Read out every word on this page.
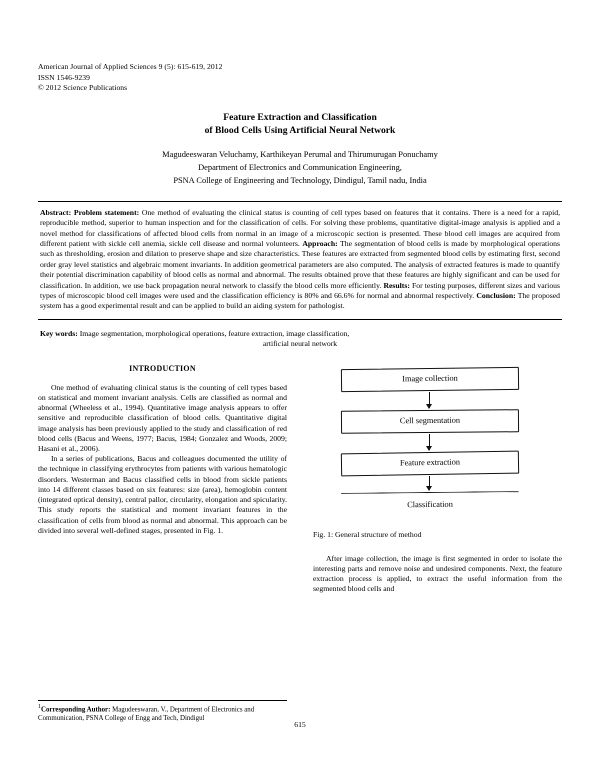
American Journal of Applied Sciences 9 (5): 615-619, 2012
ISSN 1546-9239
© 2012 Science Publications
Feature Extraction and Classification
of Blood Cells Using Artificial Neural Network
Magudeeswaran Veluchamy, Karthikeyan Perumal and Thirumurugan Ponuchamy
Department of Electronics and Communication Engineering,
PSNA College of Engineering and Technology, Dindigul, Tamil nadu, India
Abstract: Problem statement: One method of evaluating the clinical status is counting of cell types based on features that it contains. There is a need for a rapid, reproducible method, superior to human inspection and for the classification of cells. For solving these problems, quantitative digital-image analysis is applied and a novel method for classifications of affected blood cells from normal in an image of a microscopic section is presented. These blood cell images are acquired from different patient with sickle cell anemia, sickle cell disease and normal volunteers. Approach: The segmentation of blood cells is made by morphological operations such as thresholding, erosion and dilation to preserve shape and size characteristics. These features are extracted from segmented blood cells by estimating first, second order gray level statistics and algebraic moment invariants. In addition geometrical parameters are also computed. The analysis of extracted features is made to quantify their potential discrimination capability of blood cells as normal and abnormal. The results obtained prove that these features are highly significant and can be used for classification. In addition, we use back propagation neural network to classify the blood cells more efficiently. Results: For testing purposes, different sizes and various types of microscopic blood cell images were used and the classification efficiency is 80% and 66.6% for normal and abnormal respectively. Conclusion: The proposed system has a good experimental result and can be applied to build an aiding system for pathologist.
Key words: Image segmentation, morphological operations, feature extraction, image classification,
artificial neural network
INTRODUCTION

One method of evaluating clinical status is the counting of cell types based on statistical and moment invariant analysis. Cells are classified as normal and abnormal (Wheeless et al., 1994). Quantitative image analysis appears to offer sensitive and reproducible classification of blood cells. Quantitative digital image analysis has been previously applied to the study and classification of red blood cells (Bacus and Weens, 1977; Bacus, 1984; Gonzalez and Woods, 2009; Hasani et al., 2006).

In a series of publications, Bacus and colleagues documented the utility of the technique in classifying erythrocytes from patients with various hematologic disorders. Westerman and Bacus classified cells in blood from sickle patients into 14 different classes based on six features: size (area), hemoglobin content (integrated optical density), central pallor, circularity, elongation and spicularity. This study reports the statistical and moment invariant features in the classification of cells from blood as normal and abnormal. This approach can be divided into several well-defined stages, presented in Fig. 1.

Image collection
Cell segmentation
Feature extraction
Classification
Fig. 1: General structure of method

After image collection, the image is first segmented in order to isolate the interesting parts and remove noise and undesired components. Next, the feature extraction process is applied, to extract the useful information from the segmented blood cells and

$^1$Corresponding Author: Magudeeswaran, V., Department of Electronics and Communication, PSNA College of Engg and Tech, Dindigul
615
